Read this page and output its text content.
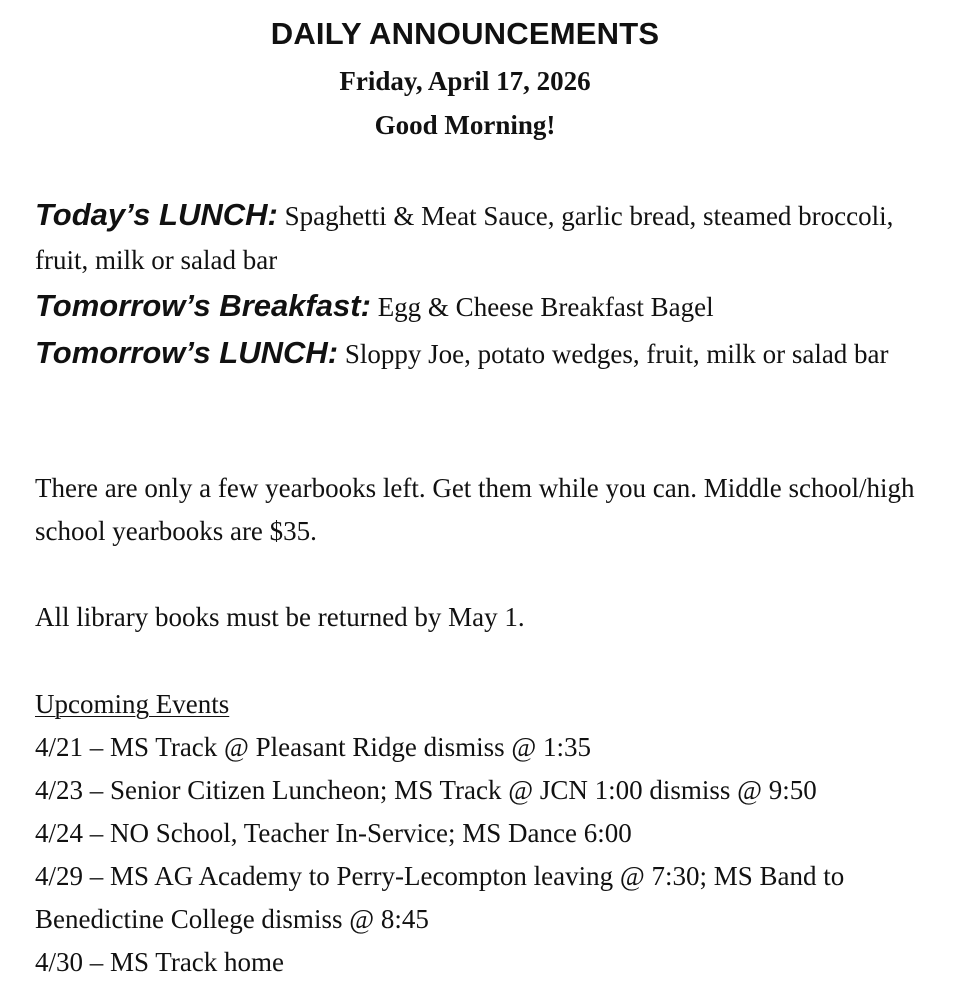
DAILY ANNOUNCEMENTS
Friday, April 17, 2026
Good Morning!

Today’s LUNCH: Spaghetti & Meat Sauce, garlic bread, steamed broccoli, fruit, milk or salad bar

Tomorrow’s Breakfast: Egg & Cheese Breakfast Bagel

Tomorrow’s LUNCH: Sloppy Joe, potato wedges, fruit, milk or salad bar

There are only a few yearbooks left. Get them while you can. Middle school/high school yearbooks are $35.

All library books must be returned by May 1.

Upcoming Events
4/21 – MS Track @ Pleasant Ridge dismiss @ 1:35
4/23 – Senior Citizen Luncheon; MS Track @ JCN 1:00 dismiss @ 9:50
4/24 – NO School, Teacher In-Service; MS Dance 6:00
4/29 – MS AG Academy to Perry-Lecompton leaving @ 7:30; MS Band to Benedictine College dismiss @ 8:45
4/30 – MS Track home
